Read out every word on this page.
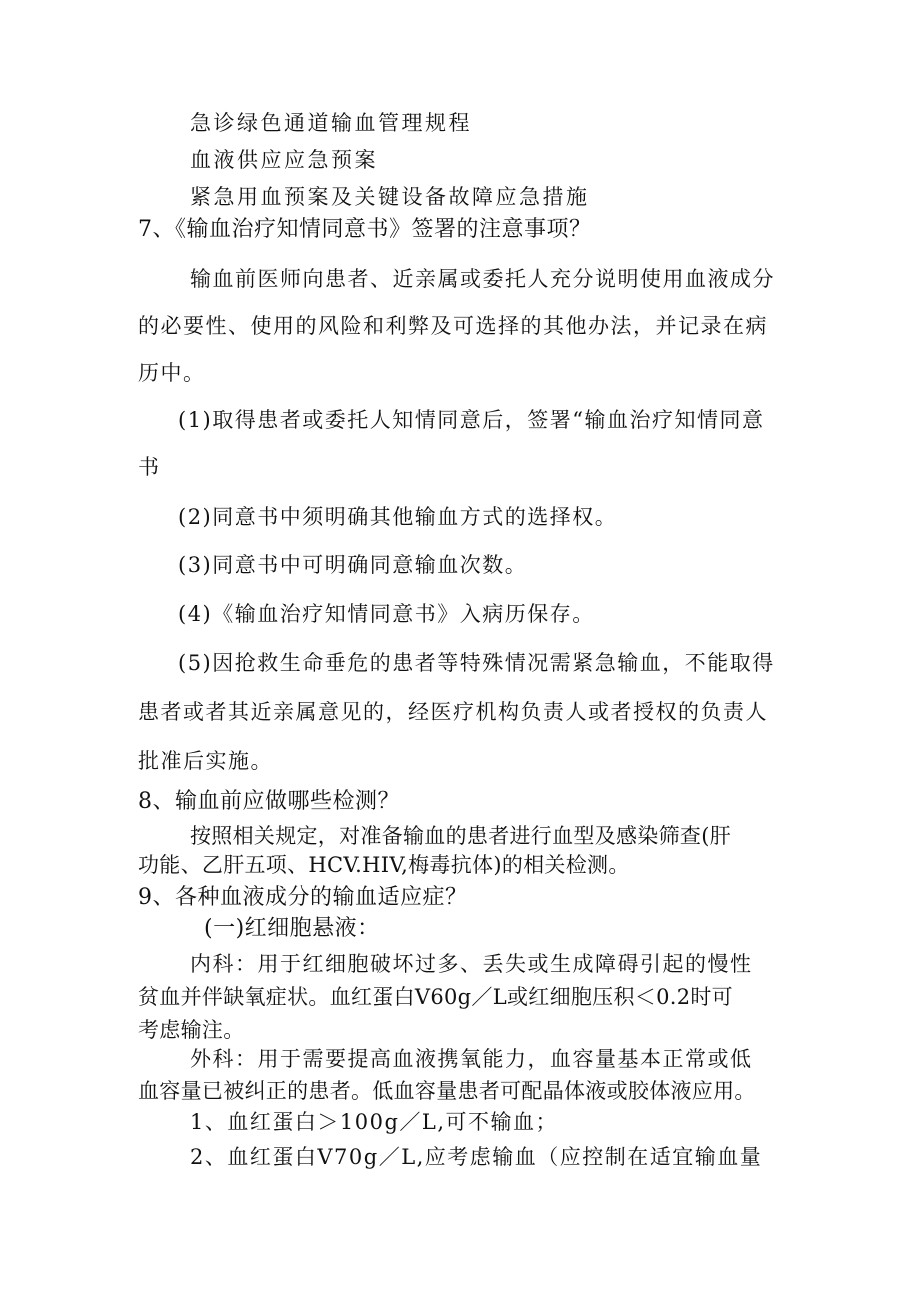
急诊绿色通道输血管理规程
血液供应应急预案
紧急用血预案及关键设备故障应急措施
7、《输血治疗知情同意书》签署的注意事项？
输血前医师向患者、近亲属或委托人充分说明使用血液成分
的必要性、使用的风险和利弊及可选择的其他办法，并记录在病
历中。
(1)取得患者或委托人知情同意后，签署“输血治疗知情同意
书
(2)同意书中须明确其他输血方式的选择权。
(3)同意书中可明确同意输血次数。
(4)《输血治疗知情同意书》入病历保存。
(5)因抢救生命垂危的患者等特殊情况需紧急输血，不能取得
患者或者其近亲属意见的，经医疗机构负责人或者授权的负责人
批准后实施。
8、输血前应做哪些检测？
按照相关规定，对准备输血的患者进行血型及感染筛查(肝
功能、乙肝五项、HCV.HIV,梅毒抗体)的相关检测。
9、各种血液成分的输血适应症？
(一)红细胞悬液：
内科：用于红细胞破坏过多、丢失或生成障碍引起的慢性
贫血并伴缺氧症状。血红蛋白V60g／L或红细胞压积＜0.2时可
考虑输注。
外科：用于需要提高血液携氧能力，血容量基本正常或低
血容量已被纠正的患者。低血容量患者可配晶体液或胶体液应用。
1、血红蛋白＞100g／L,可不输血；
2、血红蛋白V70g／L,应考虑输血（应控制在适宜输血量
